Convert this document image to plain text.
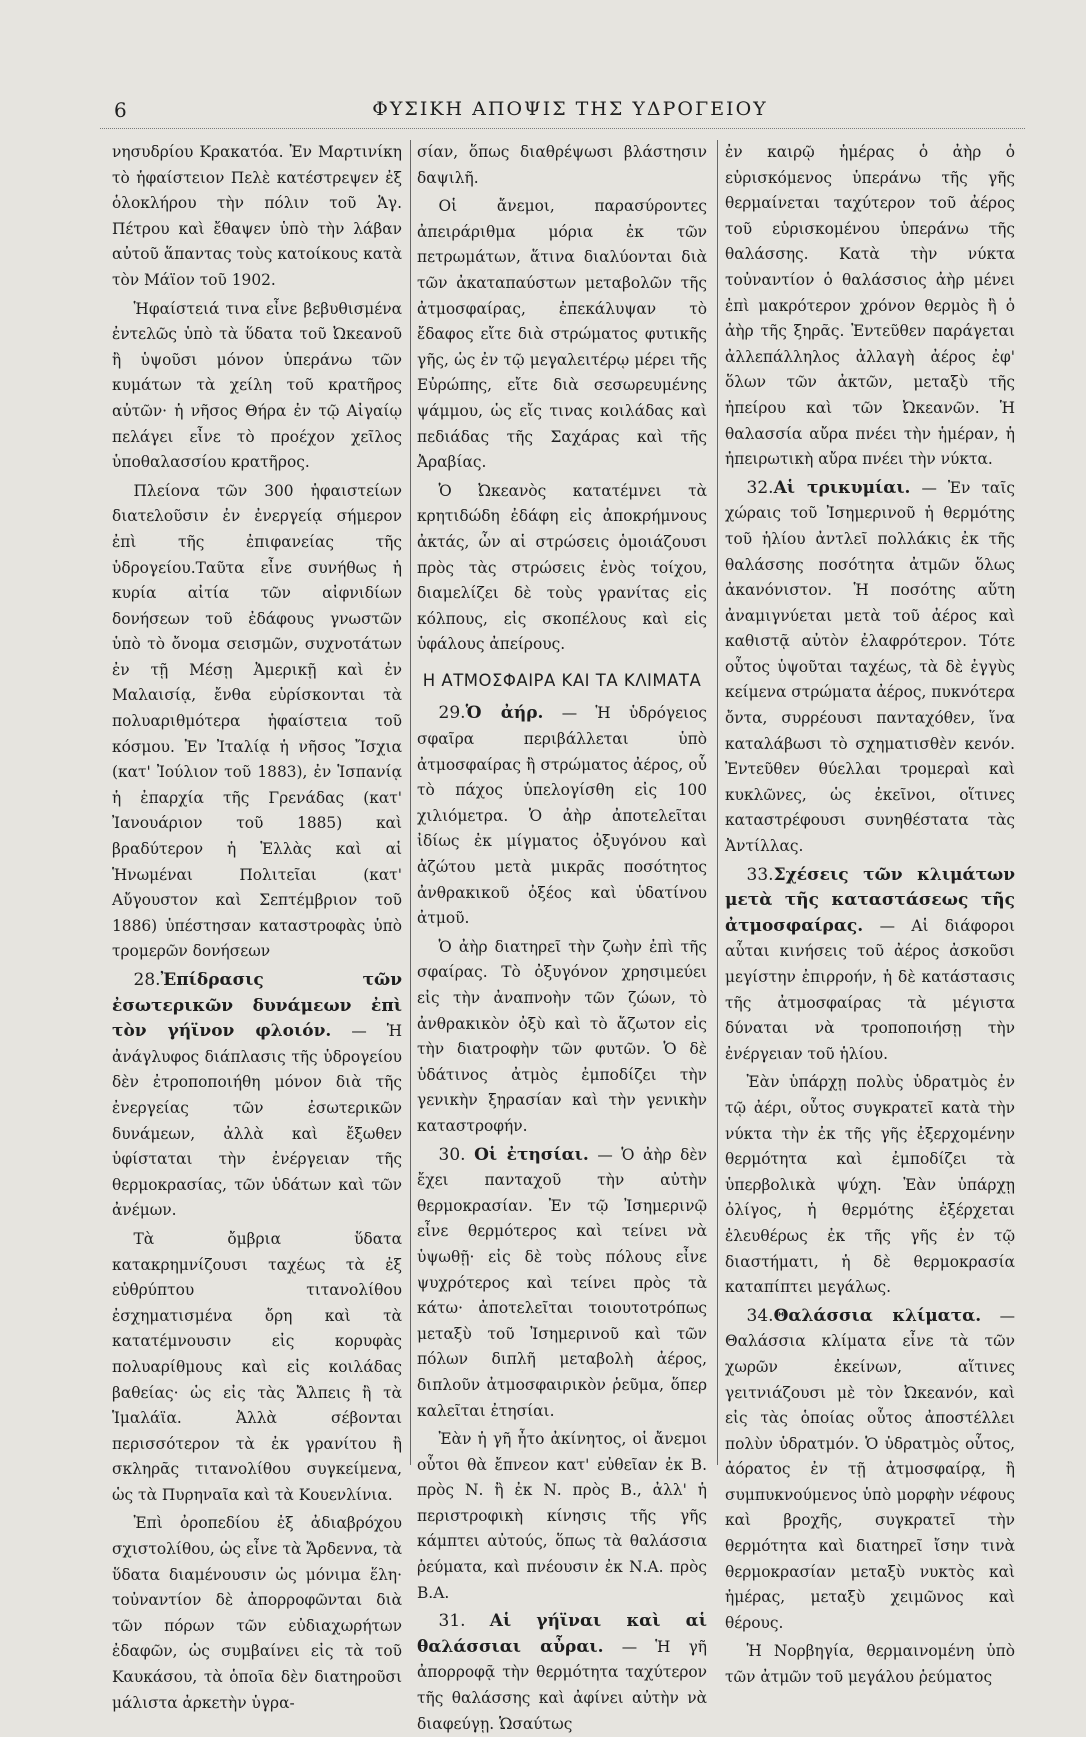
6	ΦΥΣΙΚΗ ΑΠΟΨΙΣ ΤΗΣ ΥΔΡΟΓΕΙΟΥ

νησυδρίου Κρακατόα. Ἐν Μαρτινίκη τὸ ἡφαίστειον Πελὲ κατέστρεψεν ἐξ ὁλοκλήρου τὴν πόλιν τοῦ Ἁγ. Πέτρου καὶ ἔθαψεν ὑπὸ τὴν λάβαν αὐτοῦ ἅπαντας τοὺς κατοίκους κατὰ τὸν Μάϊον τοῦ 1902.

Ἡφαίστειά τινα εἶνε βεβυθισμένα ἐντελῶς ὑπὸ τὰ ὕδατα τοῦ Ὠκεανοῦ ἢ ὑψοῦσι μόνον ὑπεράνω τῶν κυμάτων τὰ χείλη τοῦ κρατῆρος αὐτῶν· ἡ νῆσος Θήρα ἐν τῷ Αἰγαίῳ πελάγει εἶνε τὸ προέχον χεῖλος ὑποθαλασσίου κρατῆρος.

Πλείονα τῶν 300 ἡφαιστείων διατελοῦσιν ἐν ἐνεργείᾳ σήμερον ἐπὶ τῆς ἐπιφανείας τῆς ὑδρογείου.Ταῦτα εἶνε συνήθως ἡ κυρία αἰτία τῶν αἰφνιδίων δονήσεων τοῦ ἐδάφους γνωστῶν ὑπὸ τὸ ὄνομα σεισμῶν, συχνοτάτων ἐν τῇ Μέσῃ Ἀμερικῇ καὶ ἐν Μαλαισίᾳ, ἔνθα εὑρίσκονται τὰ πολυαριθμότερα ἡφαίστεια τοῦ κόσμου. Ἐν Ἰταλίᾳ ἡ νῆσος Ἴσχια (κατ' Ἰούλιον τοῦ 1883), ἐν Ἱσπανίᾳ ἡ ἐπαρχία τῆς Γρενάδας (κατ' Ἰανουάριον τοῦ 1885) καὶ βραδύτερον ἡ Ἑλλὰς καὶ αἱ Ἡνωμέναι Πολιτεῖαι (κατ' Αὔγουστον καὶ Σεπτέμβριον τοῦ 1886) ὑπέστησαν καταστροφὰς ὑπὸ τρομερῶν δονήσεων

28.Ἐπίδρασις τῶν ἐσωτερικῶν δυνάμεων ἐπὶ τὸν γήϊνον φλοιόν. — Ἡ ἀνάγλυφος διάπλασις τῆς ὑδρογείου δὲν ἐτροποποιήθη μόνον διὰ τῆς ἐνεργείας τῶν ἐσωτερικῶν δυνάμεων, ἀλλὰ καὶ ἔξωθεν ὑφίσταται τὴν ἐνέργειαν τῆς θερμοκρασίας, τῶν ὑδάτων καὶ τῶν ἀνέμων.

Τὰ ὄμβρια ὕδατα κατακρημνίζουσι ταχέως τὰ ἐξ εὐθρύπτου τιτανολίθου ἐσχηματισμένα ὄρη καὶ τὰ κατατέμνουσιν εἰς κορυφὰς πολυαρίθμους καὶ εἰς κοιλάδας βαθείας· ὡς εἰς τὰς Ἄλπεις ἢ τὰ Ἱμαλάϊα. Ἀλλὰ σέβονται περισσότερον τὰ ἐκ γρανίτου ἢ σκληρᾶς τιτανολίθου συγκείμενα, ὡς τὰ Πυρηναῖα καὶ τὰ Κουενλίνια.

Ἐπὶ ὀροπεδίου ἐξ ἀδιαβρόχου σχιστολίθου, ὡς εἶνε τὰ Ἄρδεννα, τὰ ὕδατα διαμένουσιν ὡς μόνιμα ἕλη· τοὐναντίον δὲ ἀπορροφῶνται διὰ τῶν πόρων τῶν εὐδιαχωρήτων ἐδαφῶν, ὡς συμβαίνει εἰς τὰ τοῦ Καυκάσου, τὰ ὁποῖα δὲν διατηροῦσι μάλιστα ἀρκετὴν ὑγρα-

σίαν, ὅπως διαθρέψωσι βλάστησιν δαψιλῆ.

Οἱ ἄνεμοι, παρασύροντες ἀπειράριθμα μόρια ἐκ τῶν πετρωμάτων, ἅτινα διαλύονται διὰ τῶν ἀκαταπαύστων μεταβολῶν τῆς ἀτμοσφαίρας, ἐπεκάλυψαν τὸ ἔδαφος εἴτε διὰ στρώματος φυτικῆς γῆς, ὡς ἐν τῷ μεγαλειτέρῳ μέρει τῆς Εὐρώπης, εἴτε διὰ σεσωρευμένης ψάμμου, ὡς εἴς τινας κοιλάδας καὶ πεδιάδας τῆς Σαχάρας καὶ τῆς Ἀραβίας.

Ὁ Ὠκεανὸς κατατέμνει τὰ κρητιδώδη ἐδάφη εἰς ἀποκρήμνους ἀκτάς, ὧν αἱ στρώσεις ὁμοιάζουσι πρὸς τὰς στρώσεις ἑνὸς τοίχου, διαμελίζει δὲ τοὺς γρανίτας εἰς κόλπους, εἰς σκοπέλους καὶ εἰς ὑφάλους ἀπείρους.

Η ΑΤΜΟΣΦΑΙΡΑ ΚΑΙ ΤΑ ΚΛΙΜΑΤΑ

29.Ὁ ἀήρ. — Ἡ ὑδρόγειος σφαῖρα περιβάλλεται ὑπὸ ἀτμοσφαίρας ἢ στρώματος ἀέρος, οὗ τὸ πάχος ὑπελογίσθη εἰς 100 χιλιόμετρα. Ὁ ἀὴρ ἀποτελεῖται ἰδίως ἐκ μίγματος ὀξυγόνου καὶ ἀζώτου μετὰ μικρᾶς ποσότητος ἀνθρακικοῦ ὀξέος καὶ ὑδατίνου ἀτμοῦ.

Ὁ ἀὴρ διατηρεῖ τὴν ζωὴν ἐπὶ τῆς σφαίρας. Τὸ ὀξυγόνον χρησιμεύει εἰς τὴν ἀναπνοὴν τῶν ζώων, τὸ ἀνθρακικὸν ὀξὺ καὶ τὸ ἄζωτον εἰς τὴν διατροφὴν τῶν φυτῶν. Ὁ δὲ ὑδάτινος ἀτμὸς ἐμποδίζει τὴν γενικὴν ξηρασίαν καὶ τὴν γενικὴν καταστροφήν.

30. Οἱ ἐτησίαι. — Ὁ ἀὴρ δὲν ἔχει πανταχοῦ τὴν αὐτὴν θερμοκρασίαν. Ἐν τῷ Ἰσημερινῷ εἶνε θερμότερος καὶ τείνει νὰ ὑψωθῇ· εἰς δὲ τοὺς πόλους εἶνε ψυχρότερος καὶ τείνει πρὸς τὰ κάτω· ἀποτελεῖται τοιουτοτρόπως μεταξὺ τοῦ Ἰσημερινοῦ καὶ τῶν πόλων διπλῆ μεταβολὴ ἀέρος, διπλοῦν ἀτμοσφαιρικὸν ῥεῦμα, ὅπερ καλεῖται ἐτησίαι.

Ἐὰν ἡ γῆ ἦτο ἀκίνητος, οἱ ἄνεμοι οὗτοι θὰ ἔπνεον κατ' εὐθεῖαν ἐκ Β. πρὸς Ν. ἢ ἐκ Ν. πρὸς Β., ἀλλ' ἡ περιστροφικὴ κίνησις τῆς γῆς κάμπτει αὐτούς, ὅπως τὰ θαλάσσια ῥεύματα, καὶ πνέουσιν ἐκ Ν.Α. πρὸς Β.Α.

31. Αἱ γήϊναι καὶ αἱ θαλάσσιαι αὖραι. — Ἡ γῆ ἀπορροφᾷ τὴν θερμότητα ταχύτερον τῆς θαλάσσης καὶ ἀφίνει αὐτὴν νὰ διαφεύγῃ. Ὡσαύτως

ἐν καιρῷ ἡμέρας ὁ ἀὴρ ὁ εὑρισκόμενος ὑπεράνω τῆς γῆς θερμαίνεται ταχύτερον τοῦ ἀέρος τοῦ εὑρισκομένου ὑπεράνω τῆς θαλάσσης. Κατὰ τὴν νύκτα τοὐναντίον ὁ θαλάσσιος ἀὴρ μένει ἐπὶ μακρότερον χρόνον θερμὸς ἢ ὁ ἀὴρ τῆς ξηρᾶς. Ἐντεῦθεν παράγεται ἀλλεπάλληλος ἀλλαγὴ ἀέρος ἐφ' ὅλων τῶν ἀκτῶν, μεταξὺ τῆς ἠπείρου καὶ τῶν Ὠκεανῶν. Ἡ θαλασσία αὔρα πνέει τὴν ἡμέραν, ἡ ἠπειρωτικὴ αὔρα πνέει τὴν νύκτα.

32.Αἱ τρικυμίαι. — Ἐν ταῖς χώραις τοῦ Ἰσημερινοῦ ἡ θερμότης τοῦ ἡλίου ἀντλεῖ πολλάκις ἐκ τῆς θαλάσσης ποσότητα ἀτμῶν ὅλως ἀκανόνιστον. Ἡ ποσότης αὕτη ἀναμιγνύεται μετὰ τοῦ ἀέρος καὶ καθιστᾷ αὐτὸν ἐλαφρότερον. Τότε οὗτος ὑψοῦται ταχέως, τὰ δὲ ἐγγὺς κείμενα στρώματα ἀέρος, πυκνότερα ὄντα, συρρέουσι πανταχόθεν, ἵνα καταλάβωσι τὸ σχηματισθὲν κενόν. Ἐντεῦθεν θύελλαι τρομεραὶ καὶ κυκλῶνες, ὡς ἐκεῖνοι, οἵτινες καταστρέφουσι συνηθέστατα τὰς Ἀντίλλας.

33.Σχέσεις τῶν κλιμάτων μετὰ τῆς καταστάσεως τῆς ἀτμοσφαίρας. — Αἱ διάφοροι αὗται κινήσεις τοῦ ἀέρος ἀσκοῦσι μεγίστην ἐπιρροήν, ἡ δὲ κατάστασις τῆς ἀτμοσφαίρας τὰ μέγιστα δύναται νὰ τροποποιήσῃ τὴν ἐνέργειαν τοῦ ἡλίου.

Ἐὰν ὑπάρχῃ πολὺς ὑδρατμὸς ἐν τῷ ἀέρι, οὗτος συγκρατεῖ κατὰ τὴν νύκτα τὴν ἐκ τῆς γῆς ἐξερχομένην θερμότητα καὶ ἐμποδίζει τὰ ὑπερβολικὰ ψύχη. Ἐὰν ὑπάρχῃ ὀλίγος, ἡ θερμότης ἐξέρχεται ἐλευθέρως ἐκ τῆς γῆς ἐν τῷ διαστήματι, ἡ δὲ θερμοκρασία καταπίπτει μεγάλως.

34.Θαλάσσια κλίματα. — Θαλάσσια κλίματα εἶνε τὰ τῶν χωρῶν ἐκείνων, αἵτινες γειτνιάζουσι μὲ τὸν Ὠκεανόν, καὶ εἰς τὰς ὁποίας οὗτος ἀποστέλλει πολὺν ὑδρατμόν. Ὁ ὑδρατμὸς οὗτος, ἀόρατος ἐν τῇ ἀτμοσφαίρᾳ, ἢ συμπυκνούμενος ὑπὸ μορφὴν νέφους καὶ βροχῆς, συγκρατεῖ τὴν θερμότητα καὶ διατηρεῖ ἴσην τινὰ θερμοκρασίαν μεταξὺ νυκτὸς καὶ ἡμέρας, μεταξὺ χειμῶνος καὶ θέρους.

Ἡ Νορβηγία, θερμαινομένη ὑπὸ τῶν ἀτμῶν τοῦ μεγάλου ῥεύματος
